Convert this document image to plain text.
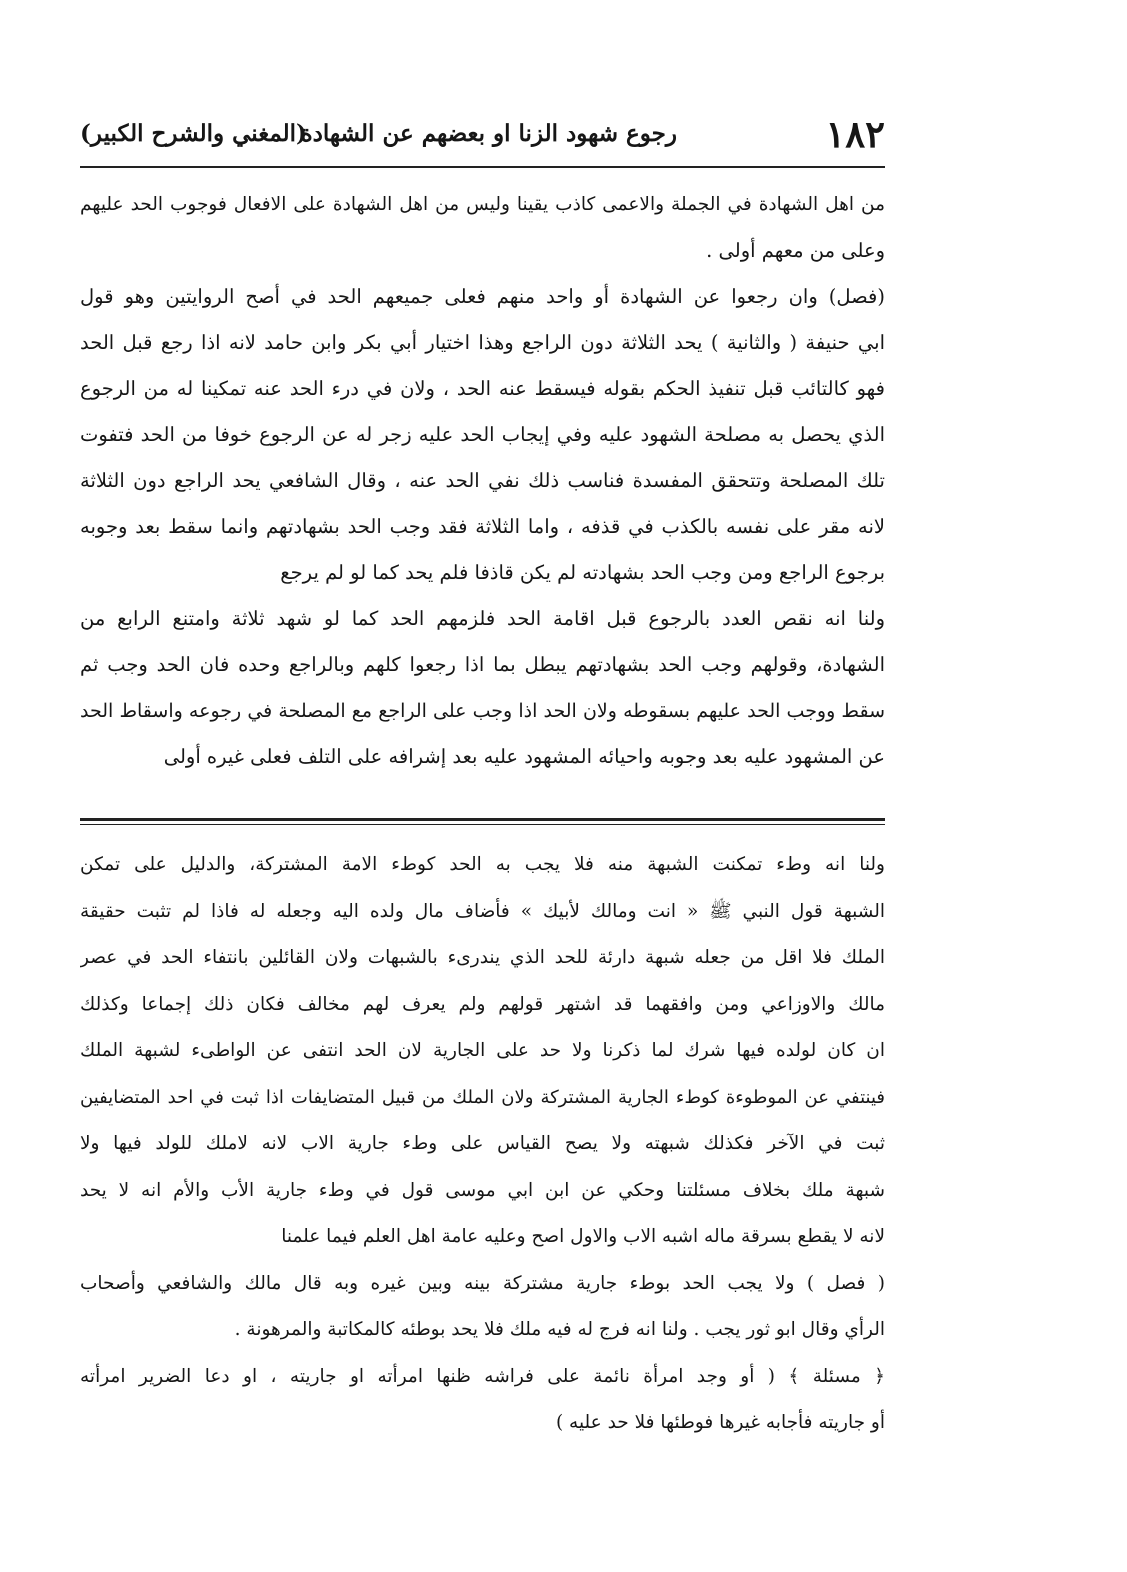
١٨٢
رجوع شهود الزنا او بعضهم عن الشهادة
(المغني والشرح الكبير)
من اهل الشهادة في الجملة والاعمى كاذب يقينا وليس من اهل الشهادة على الافعال فوجوب الحد عليهم
وعلى من معهم أولى .
(فصل) وان رجعوا عن الشهادة أو واحد منهم فعلى جميعهم الحد في أصح الروايتين وهو قول
ابي حنيفة ( والثانية ) يحد الثلاثة دون الراجع وهذا اختيار أبي بكر وابن حامد لانه اذا رجع قبل الحد
فهو كالتائب قبل تنفيذ الحكم بقوله فيسقط عنه الحد ، ولان في درء الحد عنه تمكينا له من الرجوع
الذي يحصل به مصلحة الشهود عليه وفي إيجاب الحد عليه زجر له عن الرجوع خوفا من الحد فتفوت
تلك المصلحة وتتحقق المفسدة فناسب ذلك نفي الحد عنه ، وقال الشافعي يحد الراجع دون الثلاثة
لانه مقر على نفسه بالكذب في قذفه ، واما الثلاثة فقد وجب الحد بشهادتهم وانما سقط بعد وجوبه
برجوع الراجع ومن وجب الحد بشهادته لم يكن قاذفا فلم يحد كما لو لم يرجع
ولنا انه نقص العدد بالرجوع قبل اقامة الحد فلزمهم الحد كما لو شهد ثلاثة وامتنع الرابع من
الشهادة، وقولهم وجب الحد بشهادتهم يبطل بما اذا رجعوا كلهم وبالراجع وحده فان الحد وجب ثم
سقط ووجب الحد عليهم بسقوطه ولان الحد اذا وجب على الراجع مع المصلحة في رجوعه واسقاط الحد
عن المشهود عليه بعد وجوبه واحيائه المشهود عليه بعد إشرافه على التلف فعلى غيره أولى
ولنا انه وطء تمكنت الشبهة منه فلا يجب به الحد كوطء الامة المشتركة، والدليل على تمكن
الشبهة قول النبي ﷺ « انت ومالك لأبيك » فأضاف مال ولده اليه وجعله له فاذا لم تثبت حقيقة
الملك فلا اقل من جعله شبهة دارئة للحد الذي يندرىء بالشبهات ولان القائلين بانتفاء الحد في عصر
مالك والاوزاعي ومن وافقهما قد اشتهر قولهم ولم يعرف لهم مخالف فكان ذلك إجماعا وكذلك
ان كان لولده فيها شرك لما ذكرنا ولا حد على الجارية لان الحد انتفى عن الواطىء لشبهة الملك
فينتفي عن الموطوءة كوطء الجارية المشتركة ولان الملك من قبيل المتضايفات اذا ثبت في احد المتضايفين
ثبت في الآخر فكذلك شبهته ولا يصح القياس على وطء جارية الاب لانه لاملك للولد فيها ولا
شبهة ملك بخلاف مسئلتنا وحكي عن ابن ابي موسى قول في وطء جارية الأب والأم انه لا يحد
لانه لا يقطع بسرقة ماله اشبه الاب والاول اصح وعليه عامة اهل العلم فيما علمنا
( فصل ) ولا يجب الحد بوطء جارية مشتركة بينه وبين غيره وبه قال مالك والشافعي وأصحاب
الرأي وقال ابو ثور يجب . ولنا انه فرج له فيه ملك فلا يحد بوطئه كالمكاتبة والمرهونة .
﴿ مسئلة ﴾ ( أو وجد امرأة نائمة على فراشه ظنها امرأته او جاريته ، او دعا الضرير امرأته
أو جاريته فأجابه غيرها فوطئها فلا حد عليه )
